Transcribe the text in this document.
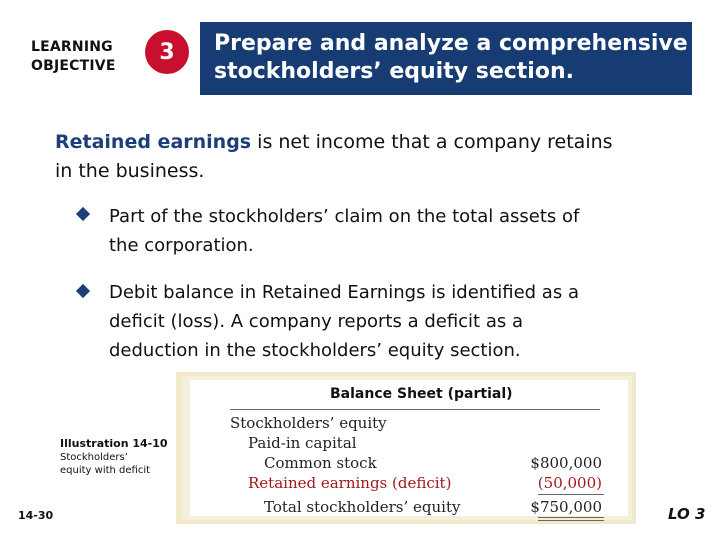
LEARNING
OBJECTIVE
3	Prepare and analyze a comprehensive
stockholders’ equity section.
Retained earnings is net income that a company retains
in the business.
Part of the stockholders’ claim on the total assets of
the corporation.
Debit balance in Retained Earnings is identified as a
deficit (loss). A company reports a deficit as a
deduction in the stockholders’ equity section.
Balance Sheet (partial)
Stockholders’ equity
Paid-in capital
Common stock	$800,000
Retained earnings (deficit)	(50,000)
Total stockholders’ equity	$750,000
Illustration 14-10
Stockholders’
equity with deficit
14-30	LO 3
